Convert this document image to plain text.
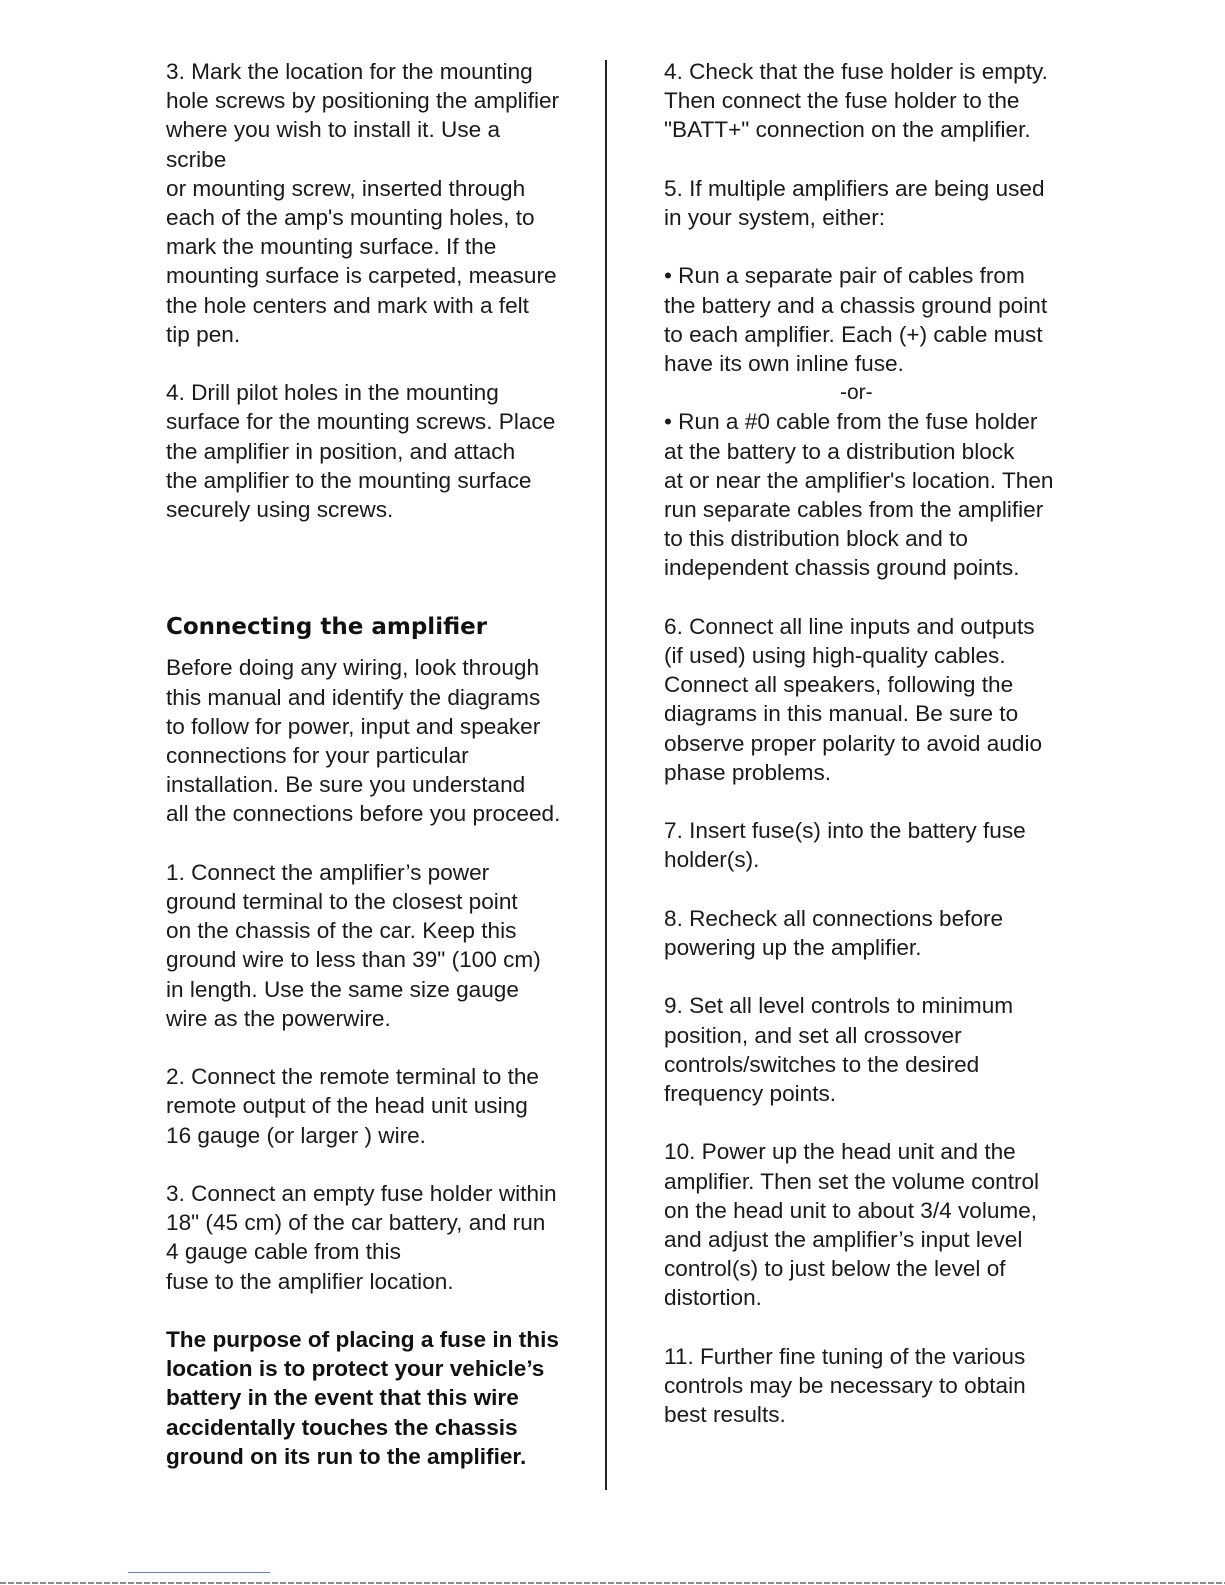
3. Mark the location for the mounting
hole screws by positioning the amplifier
where you wish to install it. Use a scribe
or mounting screw, inserted through
each of the amp's mounting holes, to
mark the mounting surface. If the
mounting surface is carpeted, measure
the hole centers and mark with a felt
tip pen.

4. Drill pilot holes in the mounting
surface for the mounting screws. Place
the amplifier in position, and attach
the amplifier to the mounting surface
securely using screws.

Connecting the amplifier

Before doing any wiring, look through
this manual and identify the diagrams
to follow for power, input and speaker
connections for your particular
installation. Be sure you understand
all the connections before you proceed.

1. Connect the amplifier’s power
ground terminal to the closest point
on the chassis of the car. Keep this
ground wire to less than 39" (100 cm)
in length. Use the same size gauge
wire as the powerwire.

2. Connect the remote terminal to the
remote output of the head unit using
16 gauge (or larger ) wire.

3. Connect an empty fuse holder within
18" (45 cm) of the car battery, and run
4 gauge cable from this
fuse to the amplifier location.

The purpose of placing a fuse in this
location is to protect your vehicle’s
battery in the event that this wire
accidentally touches the chassis
ground on its run to the amplifier.

4. Check that the fuse holder is empty.
Then connect the fuse holder to the
"BATT+" connection on the amplifier.

5. If multiple amplifiers are being used
in your system, either:

• Run a separate pair of cables from
the battery and a chassis ground point
to each amplifier. Each (+) cable must
have its own inline fuse.

-or-

• Run a #0 cable from the fuse holder
at the battery to a distribution block
at or near the amplifier's location. Then
run separate cables from the amplifier
to this distribution block and to
independent chassis ground points.

6. Connect all line inputs and outputs
(if used) using high-quality cables.
Connect all speakers, following the
diagrams in this manual. Be sure to
observe proper polarity to avoid audio
phase problems.

7. Insert fuse(s) into the battery fuse
holder(s).

8. Recheck all connections before
powering up the amplifier.

9. Set all level controls to minimum
position, and set all crossover
controls/switches to the desired
frequency points.

10. Power up the head unit and the
amplifier. Then set the volume control
on the head unit to about 3/4 volume,
and adjust the amplifier’s input level
control(s) to just below the level of
distortion.

11. Further fine tuning of the various
controls may be necessary to obtain
best results.
